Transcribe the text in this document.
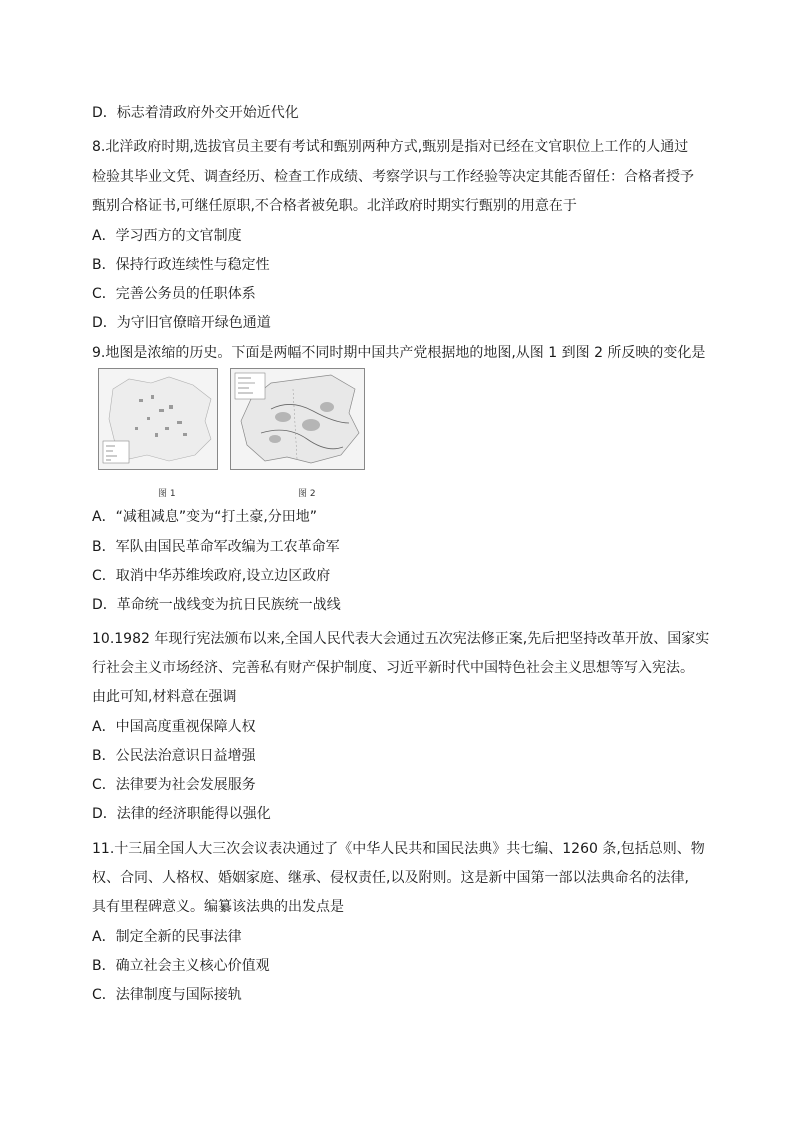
D．标志着清政府外交开始近代化
8.北洋政府时期,选拔官员主要有考试和甄别两种方式,甄别是指对已经在文官职位上工作的人通过
检验其毕业文凭、调查经历、检查工作成绩、考察学识与工作经验等决定其能否留任：合格者授予
甄别合格证书,可继任原职,不合格者被免职。北洋政府时期实行甄别的用意在于
A．学习西方的文官制度
B．保持行政连续性与稳定性
C．完善公务员的任职体系
D．为守旧官僚暗开绿色通道
9.地图是浓缩的历史。下面是两幅不同时期中国共产党根据地的地图,从图 1 到图 2 所反映的变化是
图 1	图 2
A．“减租减息”变为“打土豪,分田地”
B．军队由国民革命军改编为工农革命军
C．取消中华苏维埃政府,设立边区政府
D．革命统一战线变为抗日民族统一战线
10.1982 年现行宪法颁布以来,全国人民代表大会通过五次宪法修正案,先后把坚持改革开放、国家实
行社会主义市场经济、完善私有财产保护制度、习近平新时代中国特色社会主义思想等写入宪法。
由此可知,材料意在强调
A．中国高度重视保障人权
B．公民法治意识日益增强
C．法律要为社会发展服务
D．法律的经济职能得以强化
11.十三届全国人大三次会议表决通过了《中华人民共和国民法典》共七编、1260 条,包括总则、物
权、合同、人格权、婚姻家庭、继承、侵权责任,以及附则。这是新中国第一部以法典命名的法律,
具有里程碑意义。编纂该法典的出发点是
A．制定全新的民事法律
B．确立社会主义核心价值观
C．法律制度与国际接轨
